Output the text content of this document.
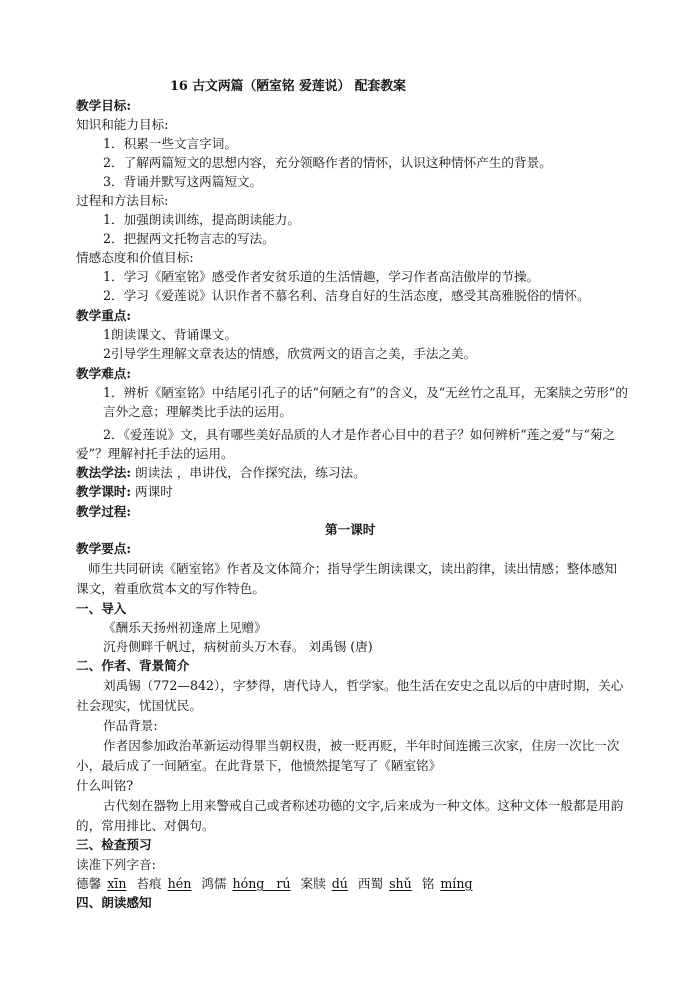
16 古文两篇（陋室铭 爱莲说） 配套教案
教学目标:
知识和能力目标:
1．积累一些文言字词。
2．了解两篇短文的思想内容，充分领略作者的情怀，认识这种情怀产生的背景。
3．背诵并默写这两篇短文。
过程和方法目标:
1．加强朗读训练，提高朗读能力。
2．把握两文托物言志的写法。
情感态度和价值目标:
1．学习《陋室铭》感受作者安贫乐道的生活情趣，学习作者高洁傲岸的节操。
2．学习《爱莲说》认识作者不慕名利、洁身自好的生活态度，感受其高雅脱俗的情怀。
教学重点:
1朗读课文、背诵课文。
2引导学生理解文章表达的情感，欣赏两文的语言之美，手法之美。
教学难点:
1．辨析《陋室铭》中结尾引孔子的话“何陋之有”的含义，及“无丝竹之乱耳，无案牍之劳形”的
言外之意；理解类比手法的运用。
2．《爱莲说》文，具有哪些美好品质的人才是作者心目中的君子？如何辨析“莲之爱”与“菊之
爱”？理解衬托手法的运用。
教法学法: 朗读法 ，串讲伐，合作探究法，练习法。
教学课时: 两课时
教学过程:
第一课时
教学要点:
师生共同研读《陋室铭》作者及文体简介；指导学生朗读课文，读出韵律，读出情感；整体感知
课文，着重欣赏本文的写作特色。
一、导入
《酬乐天扬州初逢席上见赠》
沉舟侧畔千帆过，病树前头万木春。 刘禹锡 (唐)
二、作者、背景简介
刘禹锡（772—842），字梦得，唐代诗人，哲学家。他生活在安史之乱以后的中唐时期，关心
社会现实，忧国忧民。
作品背景:
作者因参加政治革新运动得罪当朝权贵，被一贬再贬，半年时间连搬三次家，住房一次比一次
小，最后成了一间陋室。在此背景下，他愤然提笔写了《陋室铭》
什么叫铭?
古代刻在器物上用来警戒自己或者称述功德的文字,后来成为一种文体。这种文体一般都是用韵
的，常用排比、对偶句。
三、检查预习
读准下列字音:
德馨 xīn 苔痕 hén 鸿儒 hóng   rú 案牍 dú 西蜀 shǔ 铭 míng
四、朗读感知
